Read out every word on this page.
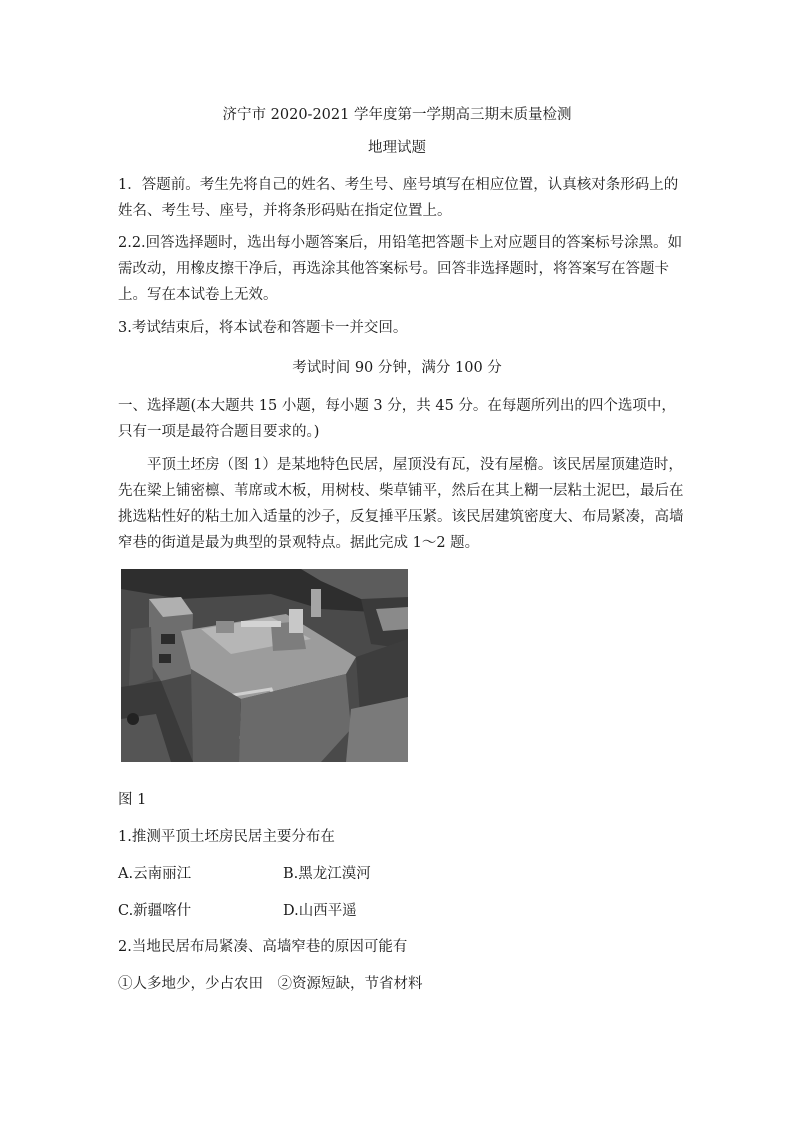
济宁市 2020-2021 学年度第一学期高三期末质量检测
地理试题
1．答题前。考生先将自己的姓名、考生号、座号填写在相应位置，认真核对条形码上的姓名、考生号、座号，并将条形码贴在指定位置上。
2.2.回答选择题时，选出每小题答案后，用铅笔把答题卡上对应题目的答案标号涂黑。如需改动，用橡皮擦干净后，再选涂其他答案标号。回答非选择题时，将答案写在答题卡上。写在本试卷上无效。
3.考试结束后，将本试卷和答题卡一并交回。
考试时间 90 分钟，满分 100 分
一、选择题(本大题共 15 小题，每小题 3 分，共 45 分。在每题所列出的四个选项中，只有一项是最符合题目要求的。)
平顶土坯房（图 1）是某地特色民居，屋顶没有瓦，没有屋檐。该民居屋顶建造时，先在梁上铺密檩、苇席或木板，用树枝、柴草铺平，然后在其上糊一层粘土泥巴，最后在挑选粘性好的粘土加入适量的沙子，反复捶平压紧。该民居建筑密度大、布局紧凑，高墙窄巷的街道是最为典型的景观特点。据此完成 1～2 题。
图 1
1.推测平顶土坯房民居主要分布在
A.云南丽江	B.黑龙江漠河
C.新疆喀什	D.山西平遥
2.当地民居布局紧凑、高墙窄巷的原因可能有
①人多地少，少占农田　②资源短缺，节省材料
